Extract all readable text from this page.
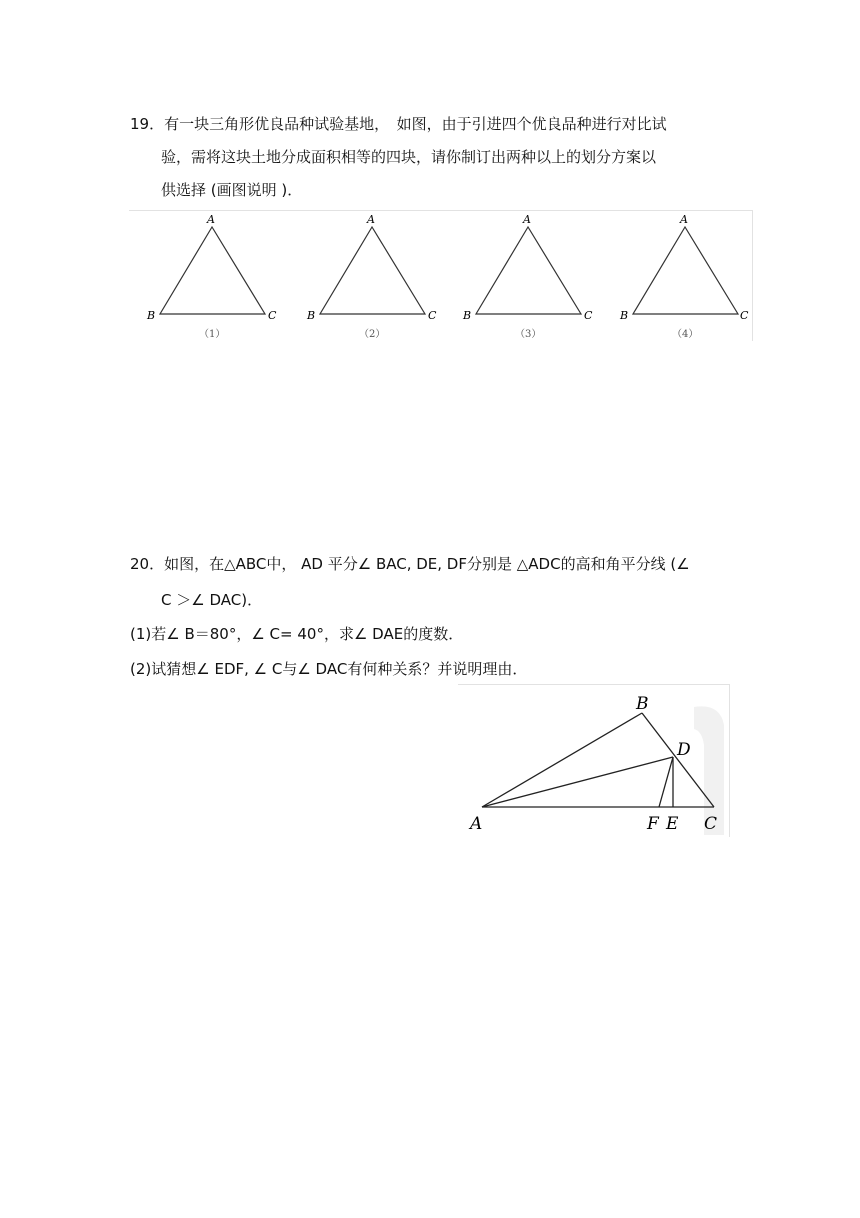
19．有一块三角形优良品种试验基地，　如图，由于引进四个优良品种进行对比试
验，需将这块土地分成面积相等的四块，请你制订出两种以上的划分方案以
供选择 (画图说明 )．
A
B	C
（1）
A
B	C
（2）
A
B	C
（3）
A
B	C
（4）
20．如图，在△ABC中， AD 平分∠ BAC, DE, DF分别是 △ADC的高和角平分线 (∠
C ＞∠ DAC)．
(1)若∠ B＝80°，∠ C= 40°，求∠ DAE的度数．
(2)试猜想∠ EDF, ∠ C与∠ DAC有何种关系？并说明理由．
B
D
A	F E C
